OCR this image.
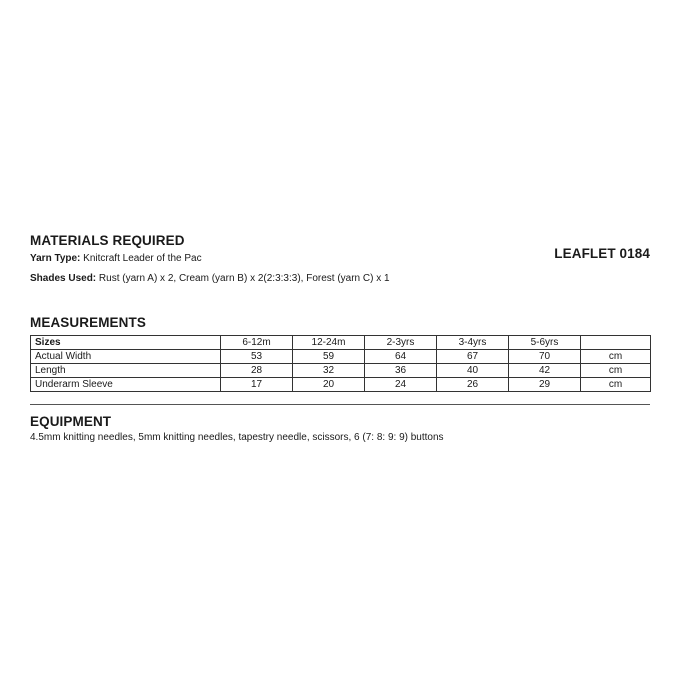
MATERIALS REQUIRED
LEAFLET 0184

Yarn Type: Knitcraft Leader of the Pac

Shades Used: Rust (yarn A) x 2, Cream (yarn B) x 2(2:3:3:3), Forest (yarn C) x 1

MEASUREMENTS
Sizes	6-12m	12-24m	2-3yrs	3-4yrs	5-6yrs	
Actual Width	53	59	64	67	70	cm
Length	28	32	36	40	42	cm
Underarm Sleeve	17	20	24	26	29	cm
EQUIPMENT

4.5mm knitting needles, 5mm knitting needles, tapestry needle, scissors, 6 (7: 8: 9: 9) buttons
